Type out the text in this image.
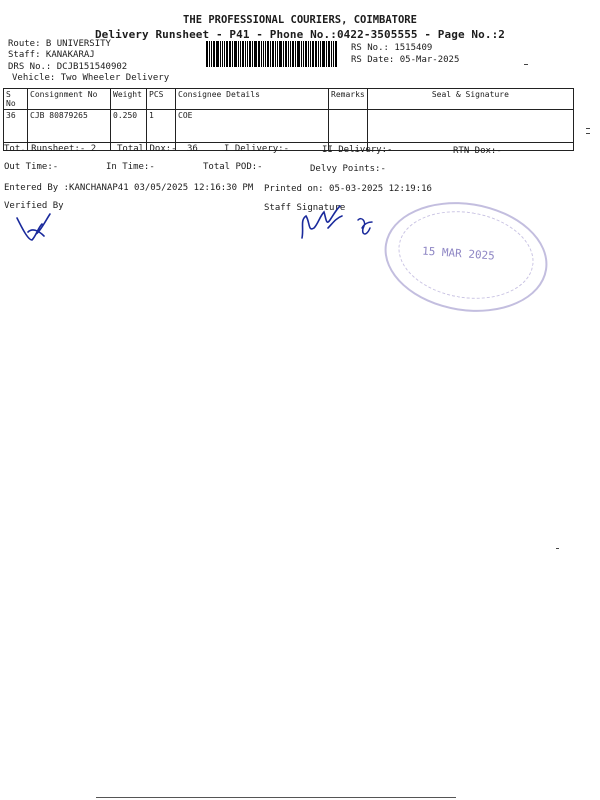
THE PROFESSIONAL COURIERS, COIMBATORE
Delivery Runsheet - P41 - Phone No.:0422-3505555 - Page No.:2
Route: B UNIVERSITY
Staff: KANAKARAJ
DRS No.: DCJB151540902
Vehicle: Two Wheeler Delivery
RS No.: 1515409
RS Date: 05-Mar-2025
S No	Consignment No	Weight	PCS	Consignee Details	Remarks	Seal & Signature
36	CJB 80879265	0.250	1	COE		
Tot. Runsheet:- 2 Total Dox:- 36	I Delivery:-	II Delivery:-	RTN Dox:-
Out Time:-	In Time:-	Total POD:-	Delvy Points:-
Entered By :KANCHANAP41 03/05/2025 12:16:30 PM Printed on: 05-03-2025 12:19:16
Verified By	Staff Signature
15 MAR 2025
